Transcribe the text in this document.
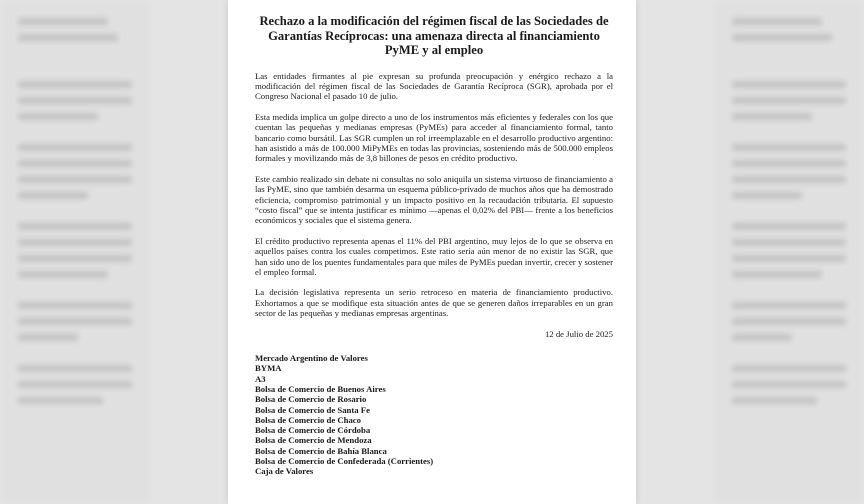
Rechazo a la modificación del régimen fiscal de las Sociedades de Garantías Recíprocas: una amenaza directa al financiamiento PyME y al empleo

Las entidades firmantes al pie expresan su profunda preocupación y enérgico rechazo a la modificación del régimen fiscal de las Sociedades de Garantía Recíproca (SGR), aprobada por el Congreso Nacional el pasado 10 de julio.

Esta medida implica un golpe directo a uno de los instrumentos más eficientes y federales con los que cuentan las pequeñas y medianas empresas (PyMEs) para acceder al financiamiento formal, tanto bancario como bursátil. Las SGR cumplen un rol irreemplazable en el desarrollo productivo argentino: han asistido a más de 100.000 MiPyMEs en todas las provincias, sosteniendo más de 500.000 empleos formales y movilizando más de 3,8 billones de pesos en crédito productivo.

Este cambio realizado sin debate ni consultas no solo aniquila un sistema virtuoso de financiamiento a las PyME, sino que también desarma un esquema público-privado de muchos años que ha demostrado eficiencia, compromiso patrimonial y un impacto positivo en la recaudación tributaria. El supuesto “costo fiscal” que se intenta justificar es mínimo —apenas el 0,02% del PBI— frente a los beneficios económicos y sociales que el sistema genera.

El crédito productivo representa apenas el 11% del PBI argentino, muy lejos de lo que se observa en aquellos países contra los cuales competimos. Este ratio sería aún menor de no existir las SGR, que han sido uno de los puentes fundamentales para que miles de PyMEs puedan invertir, crecer y sostener el empleo formal.

La decisión legislativa representa un serio retroceso en materia de financiamiento productivo. Exhortamos a que se modifique esta situación antes de que se generen daños irreparables en un gran sector de las pequeñas y medianas empresas argentinas.

12 de Julio de 2025
Mercado Argentino de Valores
BYMA
A3
Bolsa de Comercio de Buenos Aires
Bolsa de Comercio de Rosario
Bolsa de Comercio de Santa Fe
Bolsa de Comercio de Chaco
Bolsa de Comercio de Córdoba
Bolsa de Comercio de Mendoza
Bolsa de Comercio de Bahía Blanca
Bolsa de Comercio de Confederada (Corrientes)
Caja de Valores
